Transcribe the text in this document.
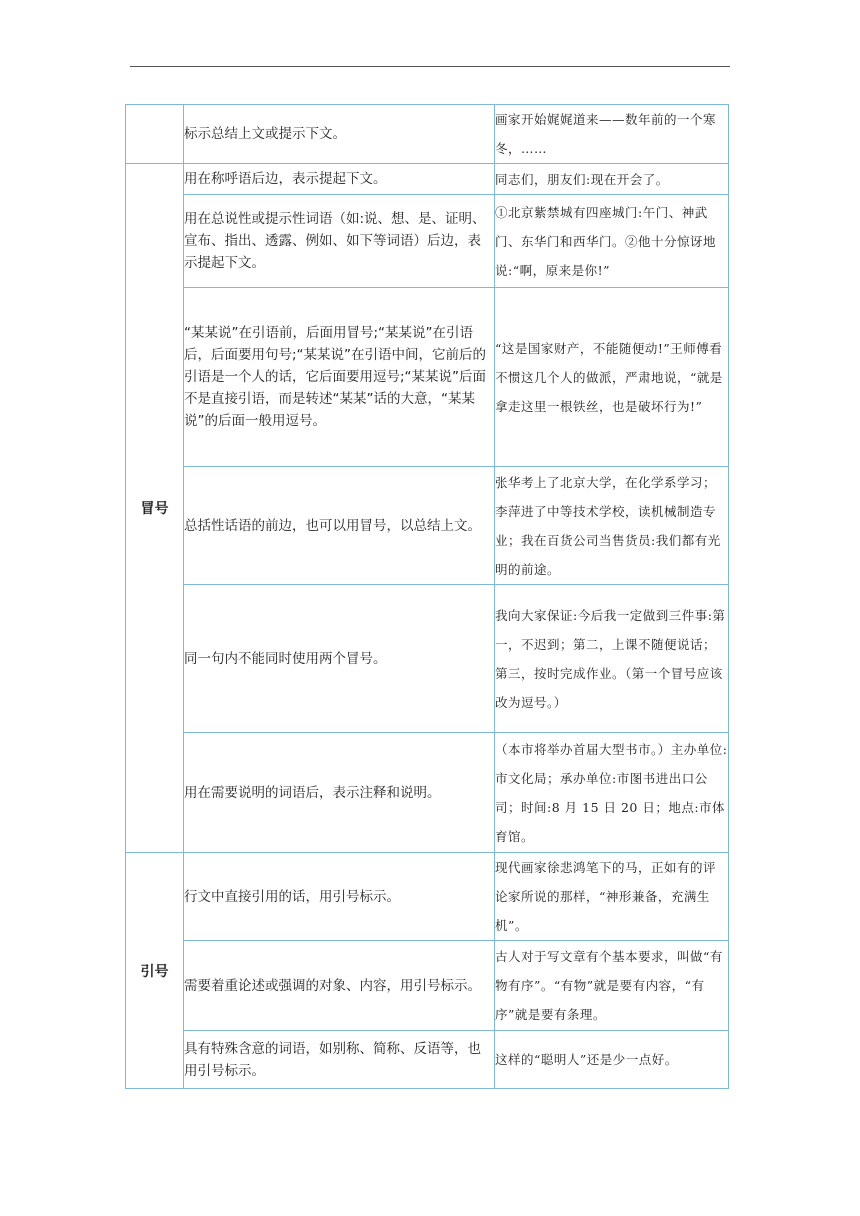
	标示总结上文或提示下文。	画家开始娓娓道来——数年前的一个寒冬，……
冒号	用在称呼语后边，表示提起下文。	同志们，朋友们:现在开会了。
	用在总说性或提示性词语（如:说、想、是、证明、宣布、指出、透露、例如、如下等词语）后边，表示提起下文。	①北京紫禁城有四座城门:午门、神武门、东华门和西华门。②他十分惊讶地说:“啊，原来是你!”
	“某某说”在引语前，后面用冒号;“某某说”在引语后，后面要用句号;“某某说”在引语中间，它前后的引语是一个人的话，它后面要用逗号;“某某说”后面不是直接引语，而是转述“某某”话的大意，“某某说”的后面一般用逗号。	“这是国家财产，不能随便动!”王师傅看不惯这几个人的做派，严肃地说，“就是拿走这里一根铁丝，也是破坏行为!”
	总括性话语的前边，也可以用冒号，以总结上文。	张华考上了北京大学，在化学系学习；李萍进了中等技术学校，读机械制造专业；我在百货公司当售货员:我们都有光明的前途。
	同一句内不能同时使用两个冒号。	我向大家保证:今后我一定做到三件事:第一，不迟到；第二，上课不随便说话；第三，按时完成作业。（第一个冒号应该改为逗号。）
	用在需要说明的词语后，表示注释和说明。	（本市将举办首届大型书市。）主办单位:市文化局；承办单位:市图书进出口公司；时间:8 月 15 日 20 日；地点:市体育馆。
引号	行文中直接引用的话，用引号标示。	现代画家徐悲鸿笔下的马，正如有的评论家所说的那样，“神形兼备，充满生机”。
	需要着重论述或强调的对象、内容，用引号标示。	古人对于写文章有个基本要求，叫做“有物有序”。“有物”就是要有内容，“有序”就是要有条理。
	具有特殊含意的词语，如别称、简称、反语等，也用引号标示。	这样的“聪明人”还是少一点好。
